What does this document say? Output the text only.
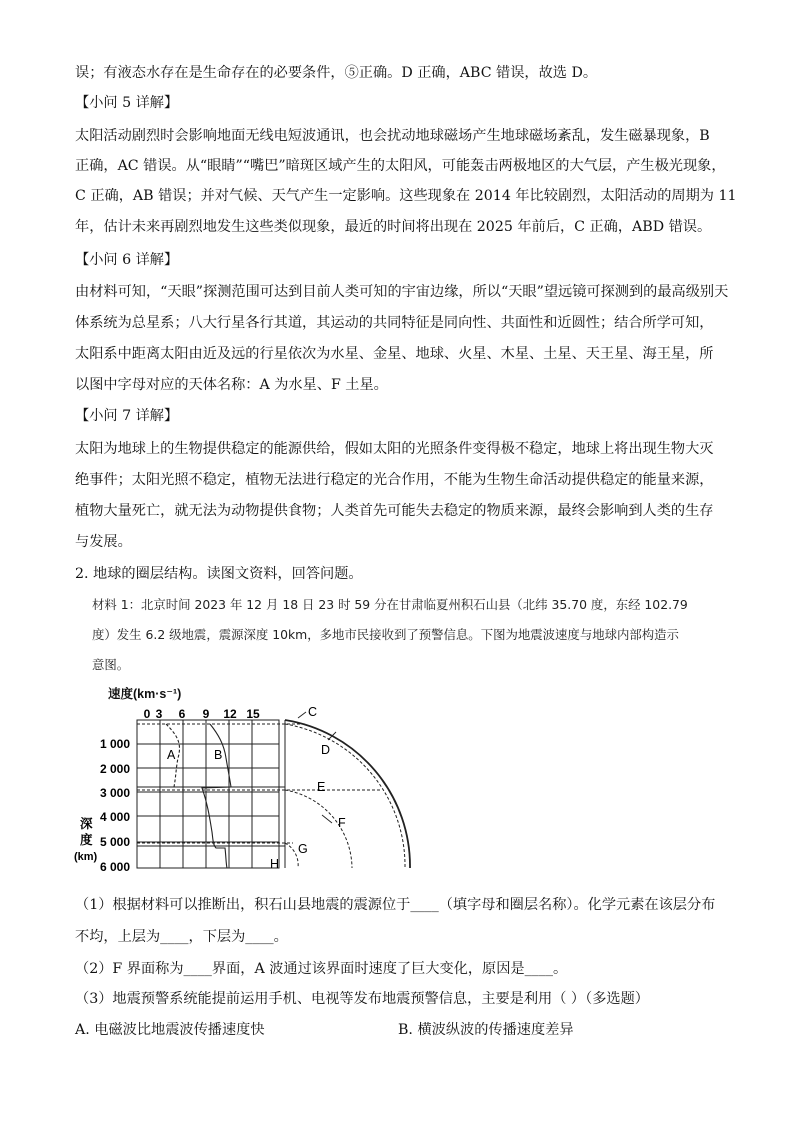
误；有液态水存在是生命存在的必要条件，⑤正确。D 正确，ABC 错误，故选 D。
【小问 5 详解】
太阳活动剧烈时会影响地面无线电短波通讯，也会扰动地球磁场产生地球磁场紊乱，发生磁暴现象，B
正确，AC 错误。从“眼睛”“嘴巴”暗斑区域产生的太阳风，可能轰击两极地区的大气层，产生极光现象，
C 正确，AB 错误；并对气候、天气产生一定影响。这些现象在 2014 年比较剧烈，太阳活动的周期为 11
年，估计未来再剧烈地发生这些类似现象，最近的时间将出现在 2025 年前后，C 正确，ABD 错误。
【小问 6 详解】
由材料可知，“天眼”探测范围可达到目前人类可知的宇宙边缘，所以“天眼”望远镜可探测到的最高级别天
体系统为总星系；八大行星各行其道，其运动的共同特征是同向性、共面性和近圆性；结合所学可知，
太阳系中距离太阳由近及远的行星依次为水星、金星、地球、火星、木星、土星、天王星、海王星，所
以图中字母对应的天体名称：A 为水星、F 土星。
【小问 7 详解】
太阳为地球上的生物提供稳定的能源供给，假如太阳的光照条件变得极不稳定，地球上将出现生物大灭
绝事件；太阳光照不稳定，植物无法进行稳定的光合作用，不能为生物生命活动提供稳定的能量来源，
植物大量死亡，就无法为动物提供食物；人类首先可能失去稳定的物质来源，最终会影响到人类的生存
与发展。
2. 地球的圈层结构。读图文资料，回答问题。
材料 1：北京时间 2023 年 12 月 18 日 23 时 59 分在甘肃临夏州积石山县（北纬 35.70 度，东经 102.79
度）发生 6.2 级地震，震源深度 10km，多地市民接收到了预警信息。下图为地震波速度与地球内部构造示
意图。
速度(km·s⁻¹)
0 3 6 9 12 15
1 000
2 000
3 000
4 000
5 000
6 000
深
度
(km)
A	B
C
D
E
F
G
H
（1）根据材料可以推断出，积石山县地震的震源位于____（填字母和圈层名称）。化学元素在该层分布
不均，上层为____，下层为____。
（2）F 界面称为____界面，A 波通过该界面时速度了巨大变化，原因是____。
（3）地震预警系统能提前运用手机、电视等发布地震预警信息，主要是利用（ ）（多选题）
A. 电磁波比地震波传播速度快	B. 横波纵波的传播速度差异
